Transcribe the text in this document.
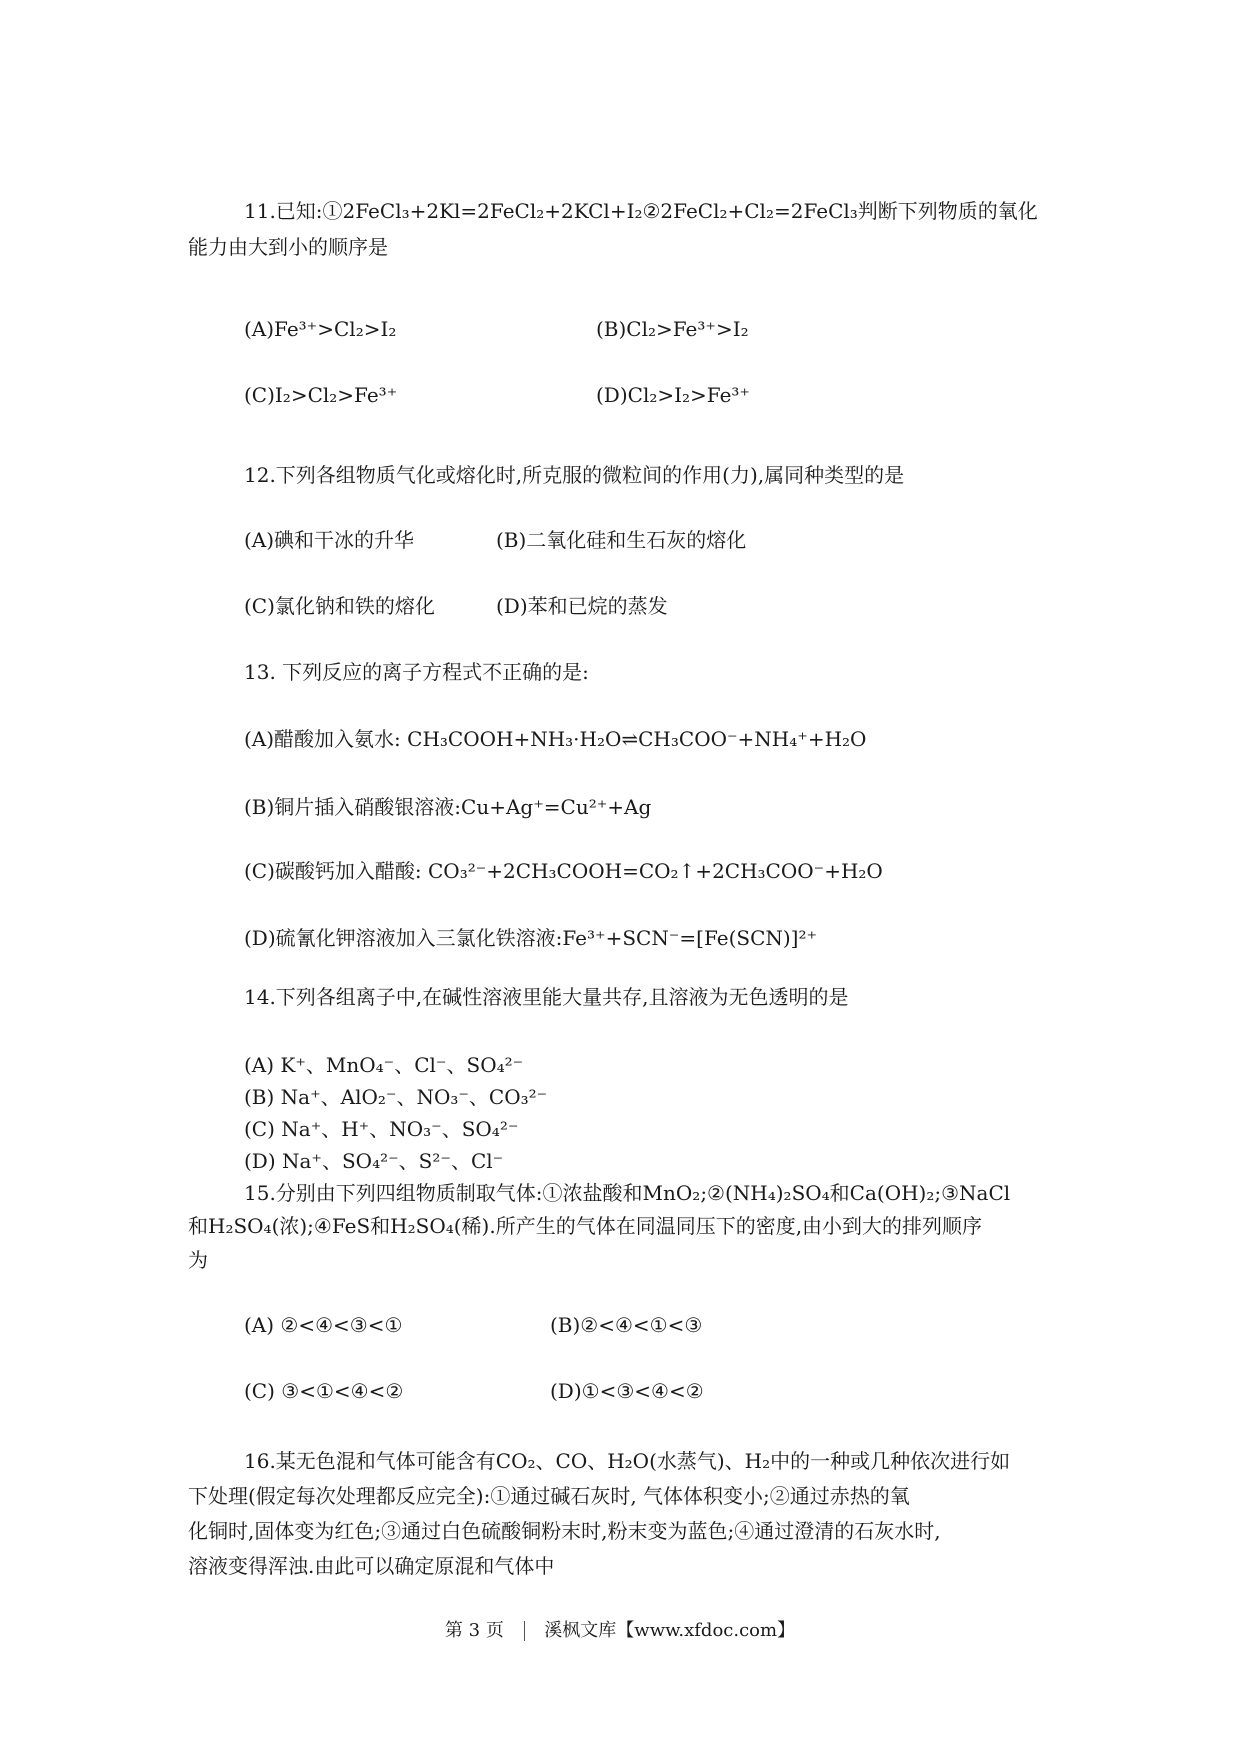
11.已知:①2FeCl₃+2Kl=2FeCl₂+2KCl+I₂②2FeCl₂+Cl₂=2FeCl₃判断下列物质的氧化
能力由大到小的顺序是
(A)Fe³⁺>Cl₂>I₂	(B)Cl₂>Fe³⁺>I₂
(C)I₂>Cl₂>Fe³⁺	(D)Cl₂>I₂>Fe³⁺
12.下列各组物质气化或熔化时,所克服的微粒间的作用(力),属同种类型的是
(A)碘和干冰的升华	(B)二氧化硅和生石灰的熔化
(C)氯化钠和铁的熔化	(D)苯和已烷的蒸发
13. 下列反应的离子方程式不正确的是:
(A)醋酸加入氨水: CH₃COOH+NH₃·H₂O⇌CH₃COO⁻+NH₄⁺+H₂O
(B)铜片插入硝酸银溶液:Cu+Ag⁺=Cu²⁺+Ag
(C)碳酸钙加入醋酸: CO₃²⁻+2CH₃COOH=CO₂↑+2CH₃COO⁻+H₂O
(D)硫氰化钾溶液加入三氯化铁溶液:Fe³⁺+SCN⁻=[Fe(SCN)]²⁺
14.下列各组离子中,在碱性溶液里能大量共存,且溶液为无色透明的是
(A) K⁺、MnO₄⁻、Cl⁻、SO₄²⁻
(B) Na⁺、AlO₂⁻、NO₃⁻、CO₃²⁻
(C) Na⁺、H⁺、NO₃⁻、SO₄²⁻
(D) Na⁺、SO₄²⁻、S²⁻、Cl⁻
15.分别由下列四组物质制取气体:①浓盐酸和MnO₂;②(NH₄)₂SO₄和Ca(OH)₂;③NaCl
和H₂SO₄(浓);④FeS和H₂SO₄(稀).所产生的气体在同温同压下的密度,由小到大的排列顺序
为
(A) ②<④<③<①	(B)②<④<①<③
(C) ③<①<④<②	(D)①<③<④<②
16.某无色混和气体可能含有CO₂、CO、H₂O(水蒸气)、H₂中的一种或几种依次进行如
下处理(假定每次处理都反应完全):①通过碱石灰时, 气体体积变小;②通过赤热的氧
化铜时,固体变为红色;③通过白色硫酸铜粉末时,粉末变为蓝色;④通过澄清的石灰水时,
溶液变得浑浊.由此可以确定原混和气体中
第 3 页 溪枫文库【www.xfdoc.com】
